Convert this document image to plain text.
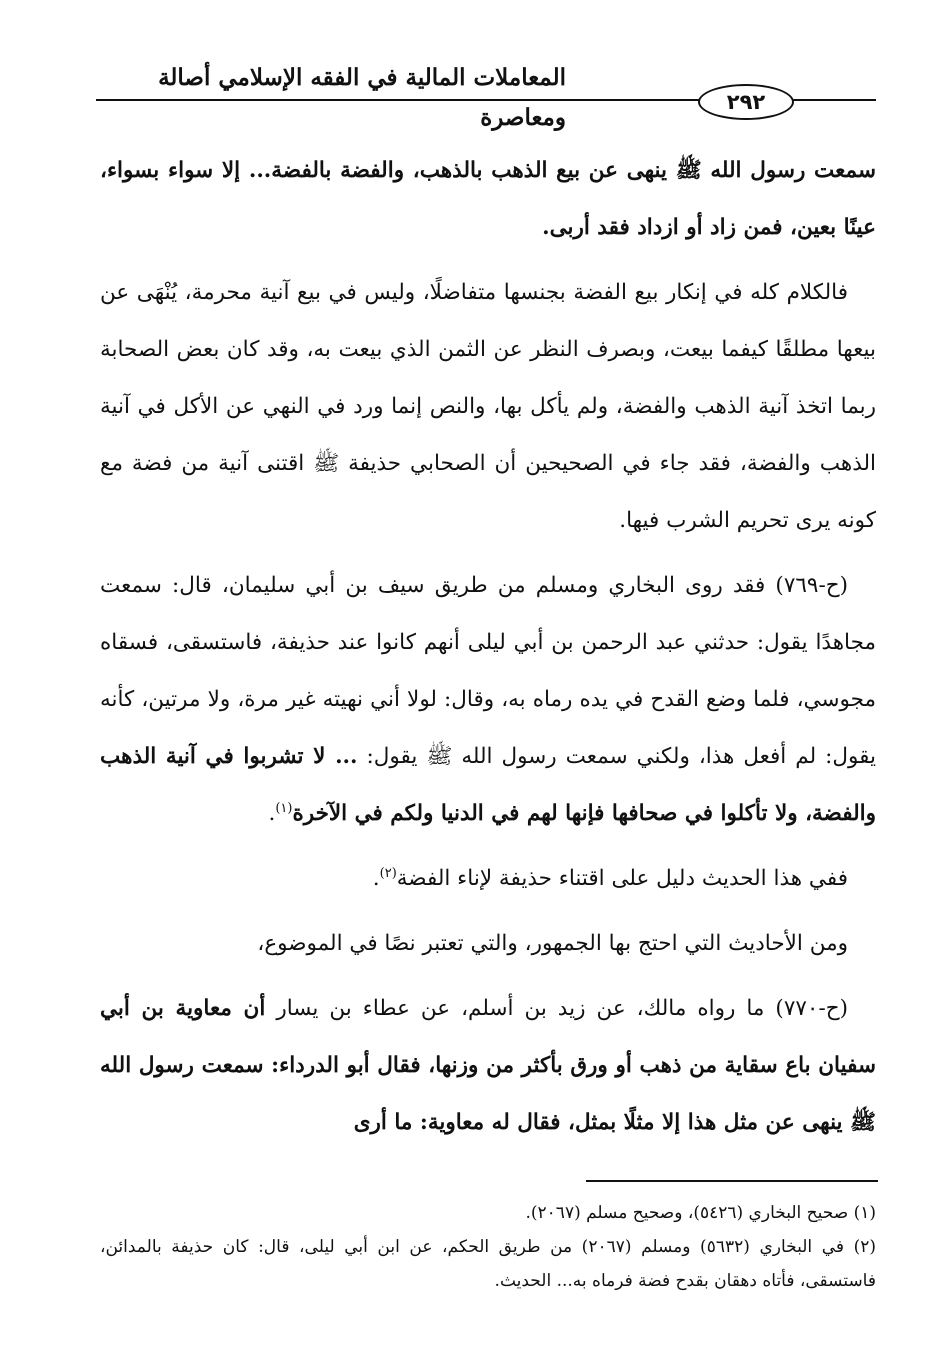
المعاملات المالية في الفقه الإسلامي أصالة ومعاصرة
٢٩٢

سمعت رسول الله ﷺ ينهى عن بيع الذهب بالذهب، والفضة بالفضة... إلا سواء بسواء، عينًا بعين، فمن زاد أو ازداد فقد أربى.

فالكلام كله في إنكار بيع الفضة بجنسها متفاضلًا، وليس في بيع آنية محرمة، يُنْهَى عن بيعها مطلقًا كيفما بيعت، وبصرف النظر عن الثمن الذي بيعت به، وقد كان بعض الصحابة ربما اتخذ آنية الذهب والفضة، ولم يأكل بها، والنص إنما ورد في النهي عن الأكل في آنية الذهب والفضة، فقد جاء في الصحيحين أن الصحابي حذيفة ﷺ اقتنى آنية من فضة مع كونه يرى تحريم الشرب فيها.

(ح-٧٦٩) فقد روى البخاري ومسلم من طريق سيف بن أبي سليمان، قال: سمعت مجاهدًا يقول: حدثني عبد الرحمن بن أبي ليلى أنهم كانوا عند حذيفة، فاستسقى، فسقاه مجوسي، فلما وضع القدح في يده رماه به، وقال: لولا أني نهيته غير مرة، ولا مرتين، كأنه يقول: لم أفعل هذا، ولكني سمعت رسول الله ﷺ يقول: ... لا تشربوا في آنية الذهب والفضة، ولا تأكلوا في صحافها فإنها لهم في الدنيا ولكم في الآخرة$^{(١)}$.

ففي هذا الحديث دليل على اقتناء حذيفة لإناء الفضة$^{(٢)}$.

ومن الأحاديث التي احتج بها الجمهور، والتي تعتبر نصًا في الموضوع،

(ح-٧٧٠) ما رواه مالك، عن زيد بن أسلم، عن عطاء بن يسار أن معاوية بن أبي سفيان باع سقاية من ذهب أو ورق بأكثر من وزنها، فقال أبو الدرداء: سمعت رسول الله ﷺ ينهى عن مثل هذا إلا مثلًا بمثل، فقال له معاوية: ما أرى

(١) صحيح البخاري (٥٤٢٦)، وصحيح مسلم (٢٠٦٧).

(٢) في البخاري (٥٦٣٢) ومسلم (٢٠٦٧) من طريق الحكم، عن ابن أبي ليلى، قال: كان حذيفة بالمدائن، فاستسقى، فأتاه دهقان بقدح فضة فرماه به... الحديث.
